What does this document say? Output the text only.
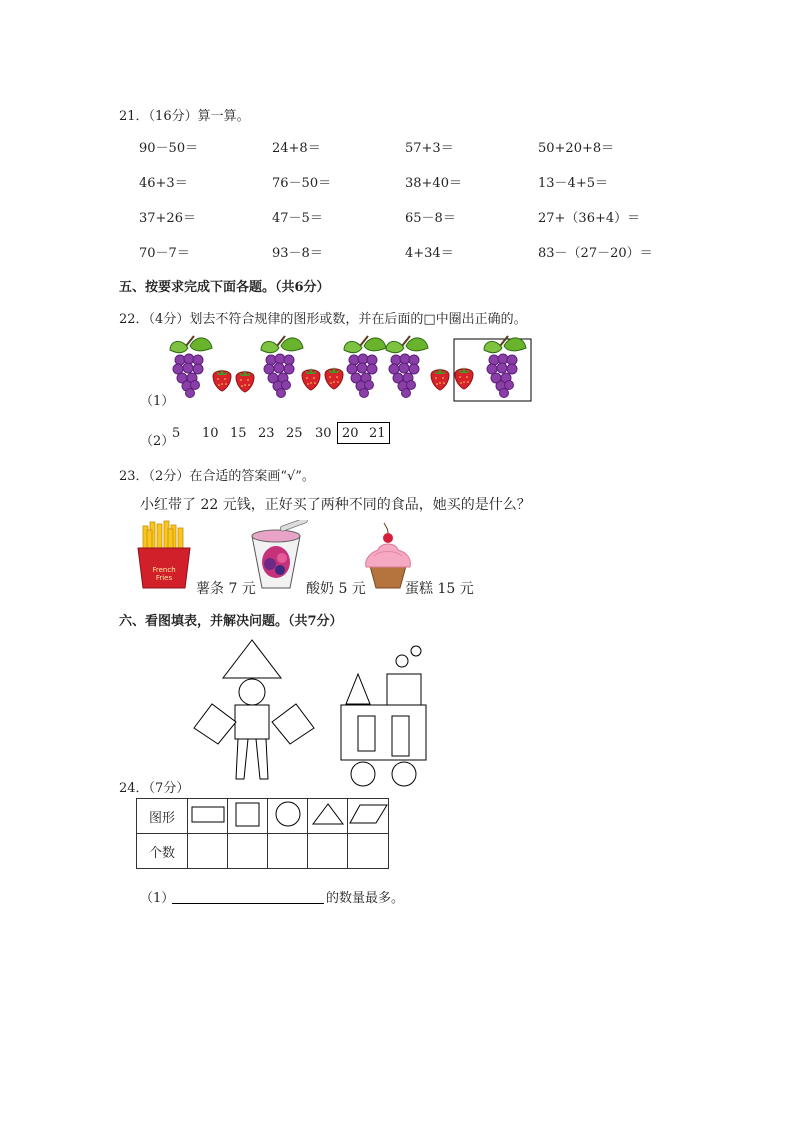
21．（16分）算一算。
90－50＝	24+8＝	57+3＝	50+20+8＝
46+3＝	76－50＝	38+40＝	13－4+5＝
37+26＝	47－5＝	65－8＝	27+（36+4）＝
70－7＝	93－8＝	4+34＝	83－（27－20）＝
五、按要求完成下面各题。（共6分）
22．（4分）划去不符合规律的图形或数，并在后面的□中圈出正确的。
（1）
（2）
5 10 15 23 25 30 20 21
23．（2分）在合适的答案画“√”。
小红带了 22 元钱，正好买了两种不同的食品，她买的是什么？
French
Fries
薯条 7 元	酸奶 5 元	蛋糕 15 元
六、看图填表，并解决问题。（共7分）
24．（7分）
图形					
个数					
（1）	的数量最多。
